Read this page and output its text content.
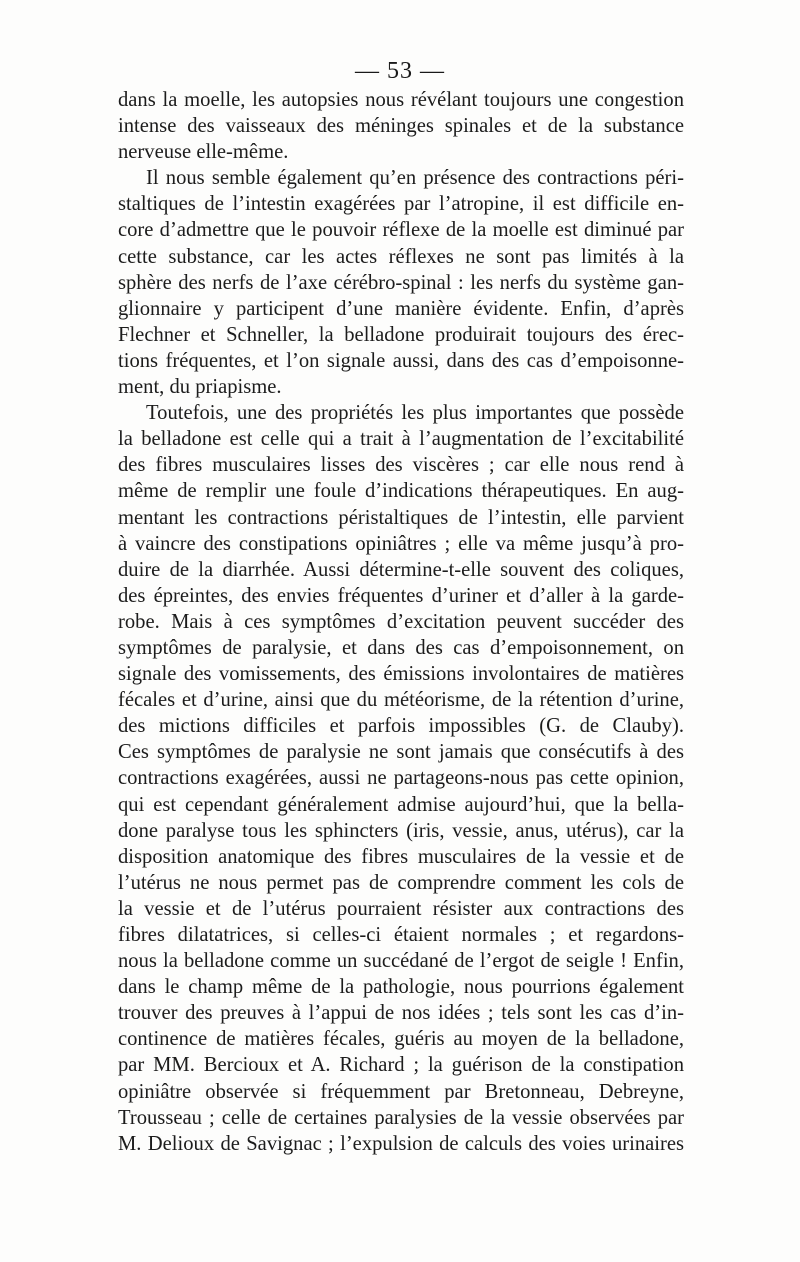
— 53 —
dans la moelle, les autopsies nous révélant toujours une congestion
intense des vaisseaux des méninges spinales et de la substance
nerveuse elle-même.
Il nous semble également qu’en présence des contractions péri-
staltiques de l’intestin exagérées par l’atropine, il est difficile en-
core d’admettre que le pouvoir réflexe de la moelle est diminué par
cette substance, car les actes réflexes ne sont pas limités à la
sphère des nerfs de l’axe cérébro-spinal : les nerfs du système gan-
glionnaire y participent d’une manière évidente. Enfin, d’après
Flechner et Schneller, la belladone produirait toujours des érec-
tions fréquentes, et l’on signale aussi, dans des cas d’empoisonne-
ment, du priapisme.
Toutefois, une des propriétés les plus importantes que possède
la belladone est celle qui a trait à l’augmentation de l’excitabilité
des fibres musculaires lisses des viscères ; car elle nous rend à
même de remplir une foule d’indications thérapeutiques. En aug-
mentant les contractions péristaltiques de l’intestin, elle parvient
à vaincre des constipations opiniâtres ; elle va même jusqu’à pro-
duire de la diarrhée. Aussi détermine-t-elle souvent des coliques,
des épreintes, des envies fréquentes d’uriner et d’aller à la garde-
robe. Mais à ces symptômes d’excitation peuvent succéder des
symptômes de paralysie, et dans des cas d’empoisonnement, on
signale des vomissements, des émissions involontaires de matières
fécales et d’urine, ainsi que du météorisme, de la rétention d’urine,
des mictions difficiles et parfois impossibles (G. de Clauby).
Ces symptômes de paralysie ne sont jamais que consécutifs à des
contractions exagérées, aussi ne partageons-nous pas cette opinion,
qui est cependant généralement admise aujourd’hui, que la bella-
done paralyse tous les sphincters (iris, vessie, anus, utérus), car la
disposition anatomique des fibres musculaires de la vessie et de
l’utérus ne nous permet pas de comprendre comment les cols de
la vessie et de l’utérus pourraient résister aux contractions des
fibres dilatatrices, si celles-ci étaient normales ; et regardons-
nous la belladone comme un succédané de l’ergot de seigle ! Enfin,
dans le champ même de la pathologie, nous pourrions également
trouver des preuves à l’appui de nos idées ; tels sont les cas d’in-
continence de matières fécales, guéris au moyen de la belladone,
par MM. Bercioux et A. Richard ; la guérison de la constipation
opiniâtre observée si fréquemment par Bretonneau, Debreyne,
Trousseau ; celle de certaines paralysies de la vessie observées par
M. Delioux de Savignac ; l’expulsion de calculs des voies urinaires
